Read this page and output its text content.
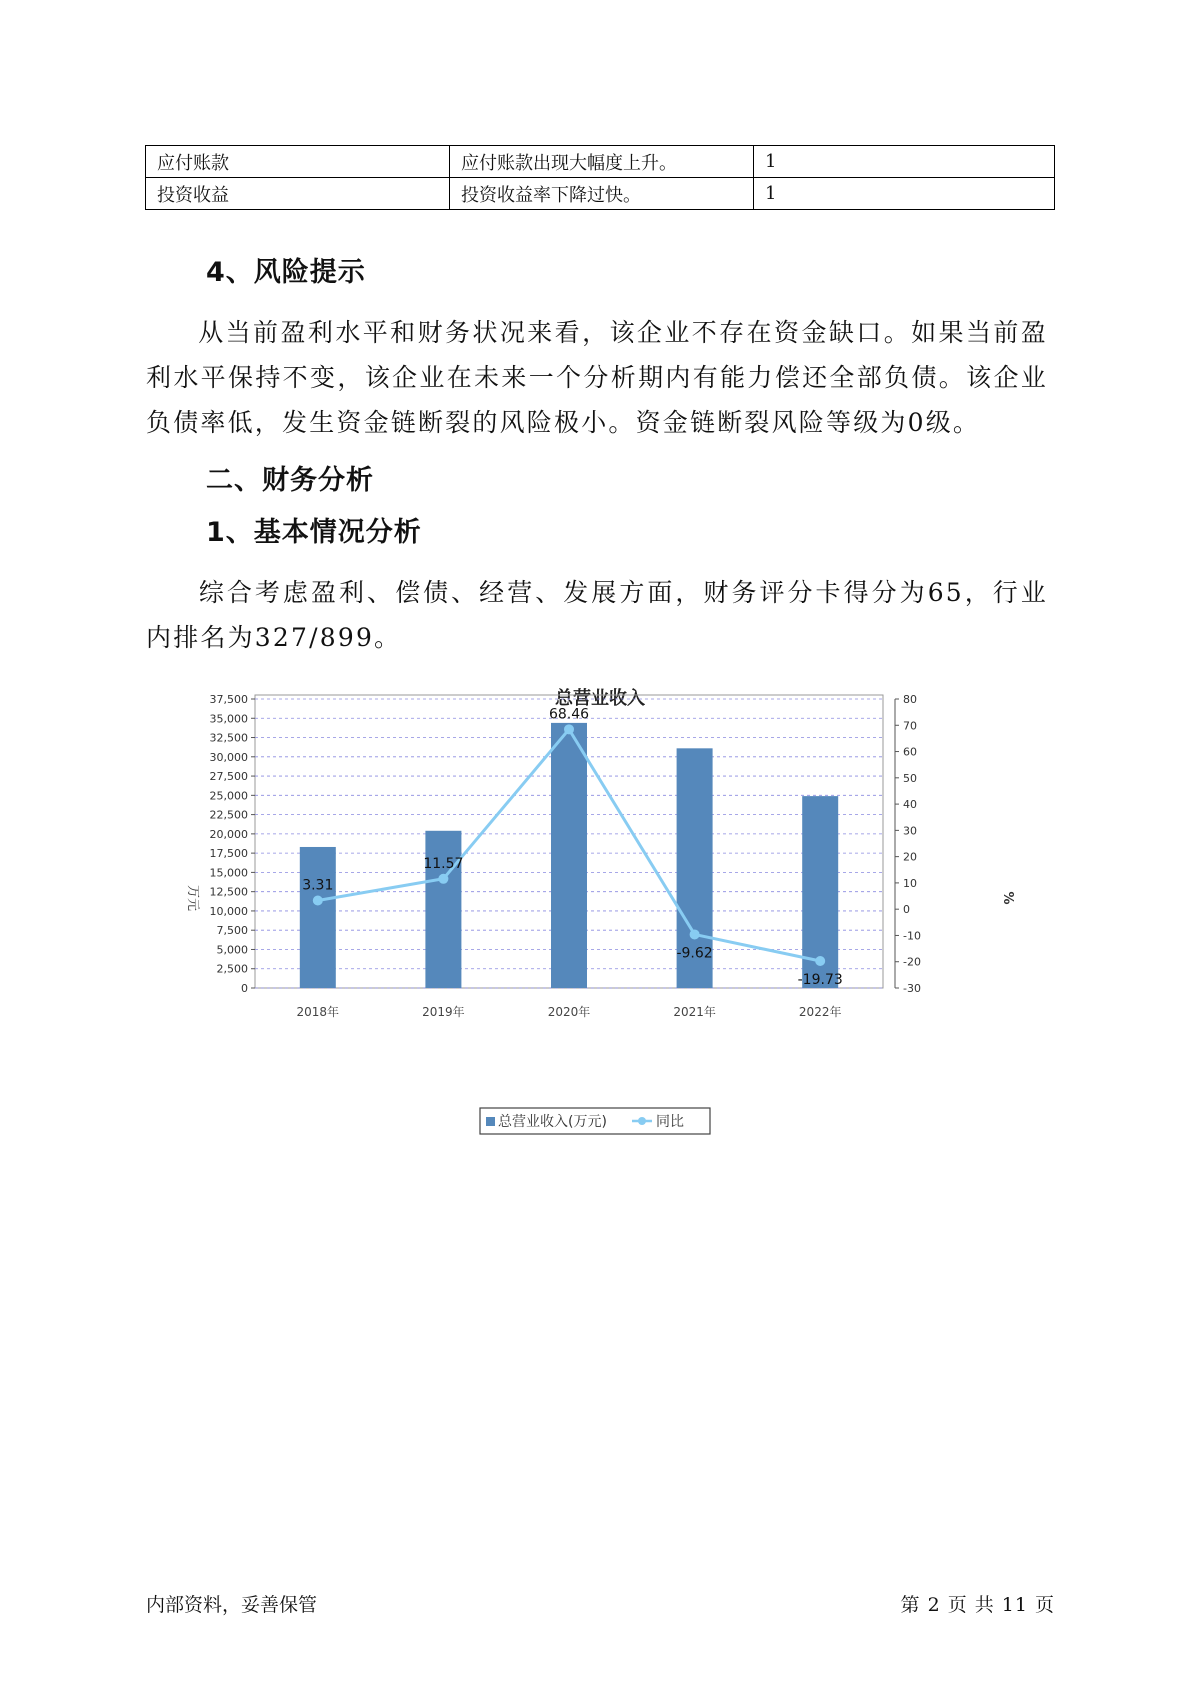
应付账款	应付账款出现大幅度上升。	1
投资收益	投资收益率下降过快。	1
4、风险提示
从当前盈利水平和财务状况来看，该企业不存在资金缺口。如果当前盈利水平保持不变，该企业在未来一个分析期内有能力偿还全部负债。该企业负债率低，发生资金链断裂的风险极小。资金链断裂风险等级为0级。
二、财务分析
1、基本情况分析
综合考虑盈利、偿债、经营、发展方面，财务评分卡得分为65，行业内排名为327/899。
总营业收入
3.31
11.57
68.46
-9.62
-19.73
0
2,500
5,000
7,500
10,000
12,500
15,000
17,500
20,000
22,500
25,000
27,500
30,000
32,500
35,000
37,500
-30
-20
-10
0
10
20
30
40
50
60
70
80
2018年	2019年	2020年	2021年	2022年
万元	%
总营业收入(万元)	同比
内部资料，妥善保管	第 2 页 共 11 页
